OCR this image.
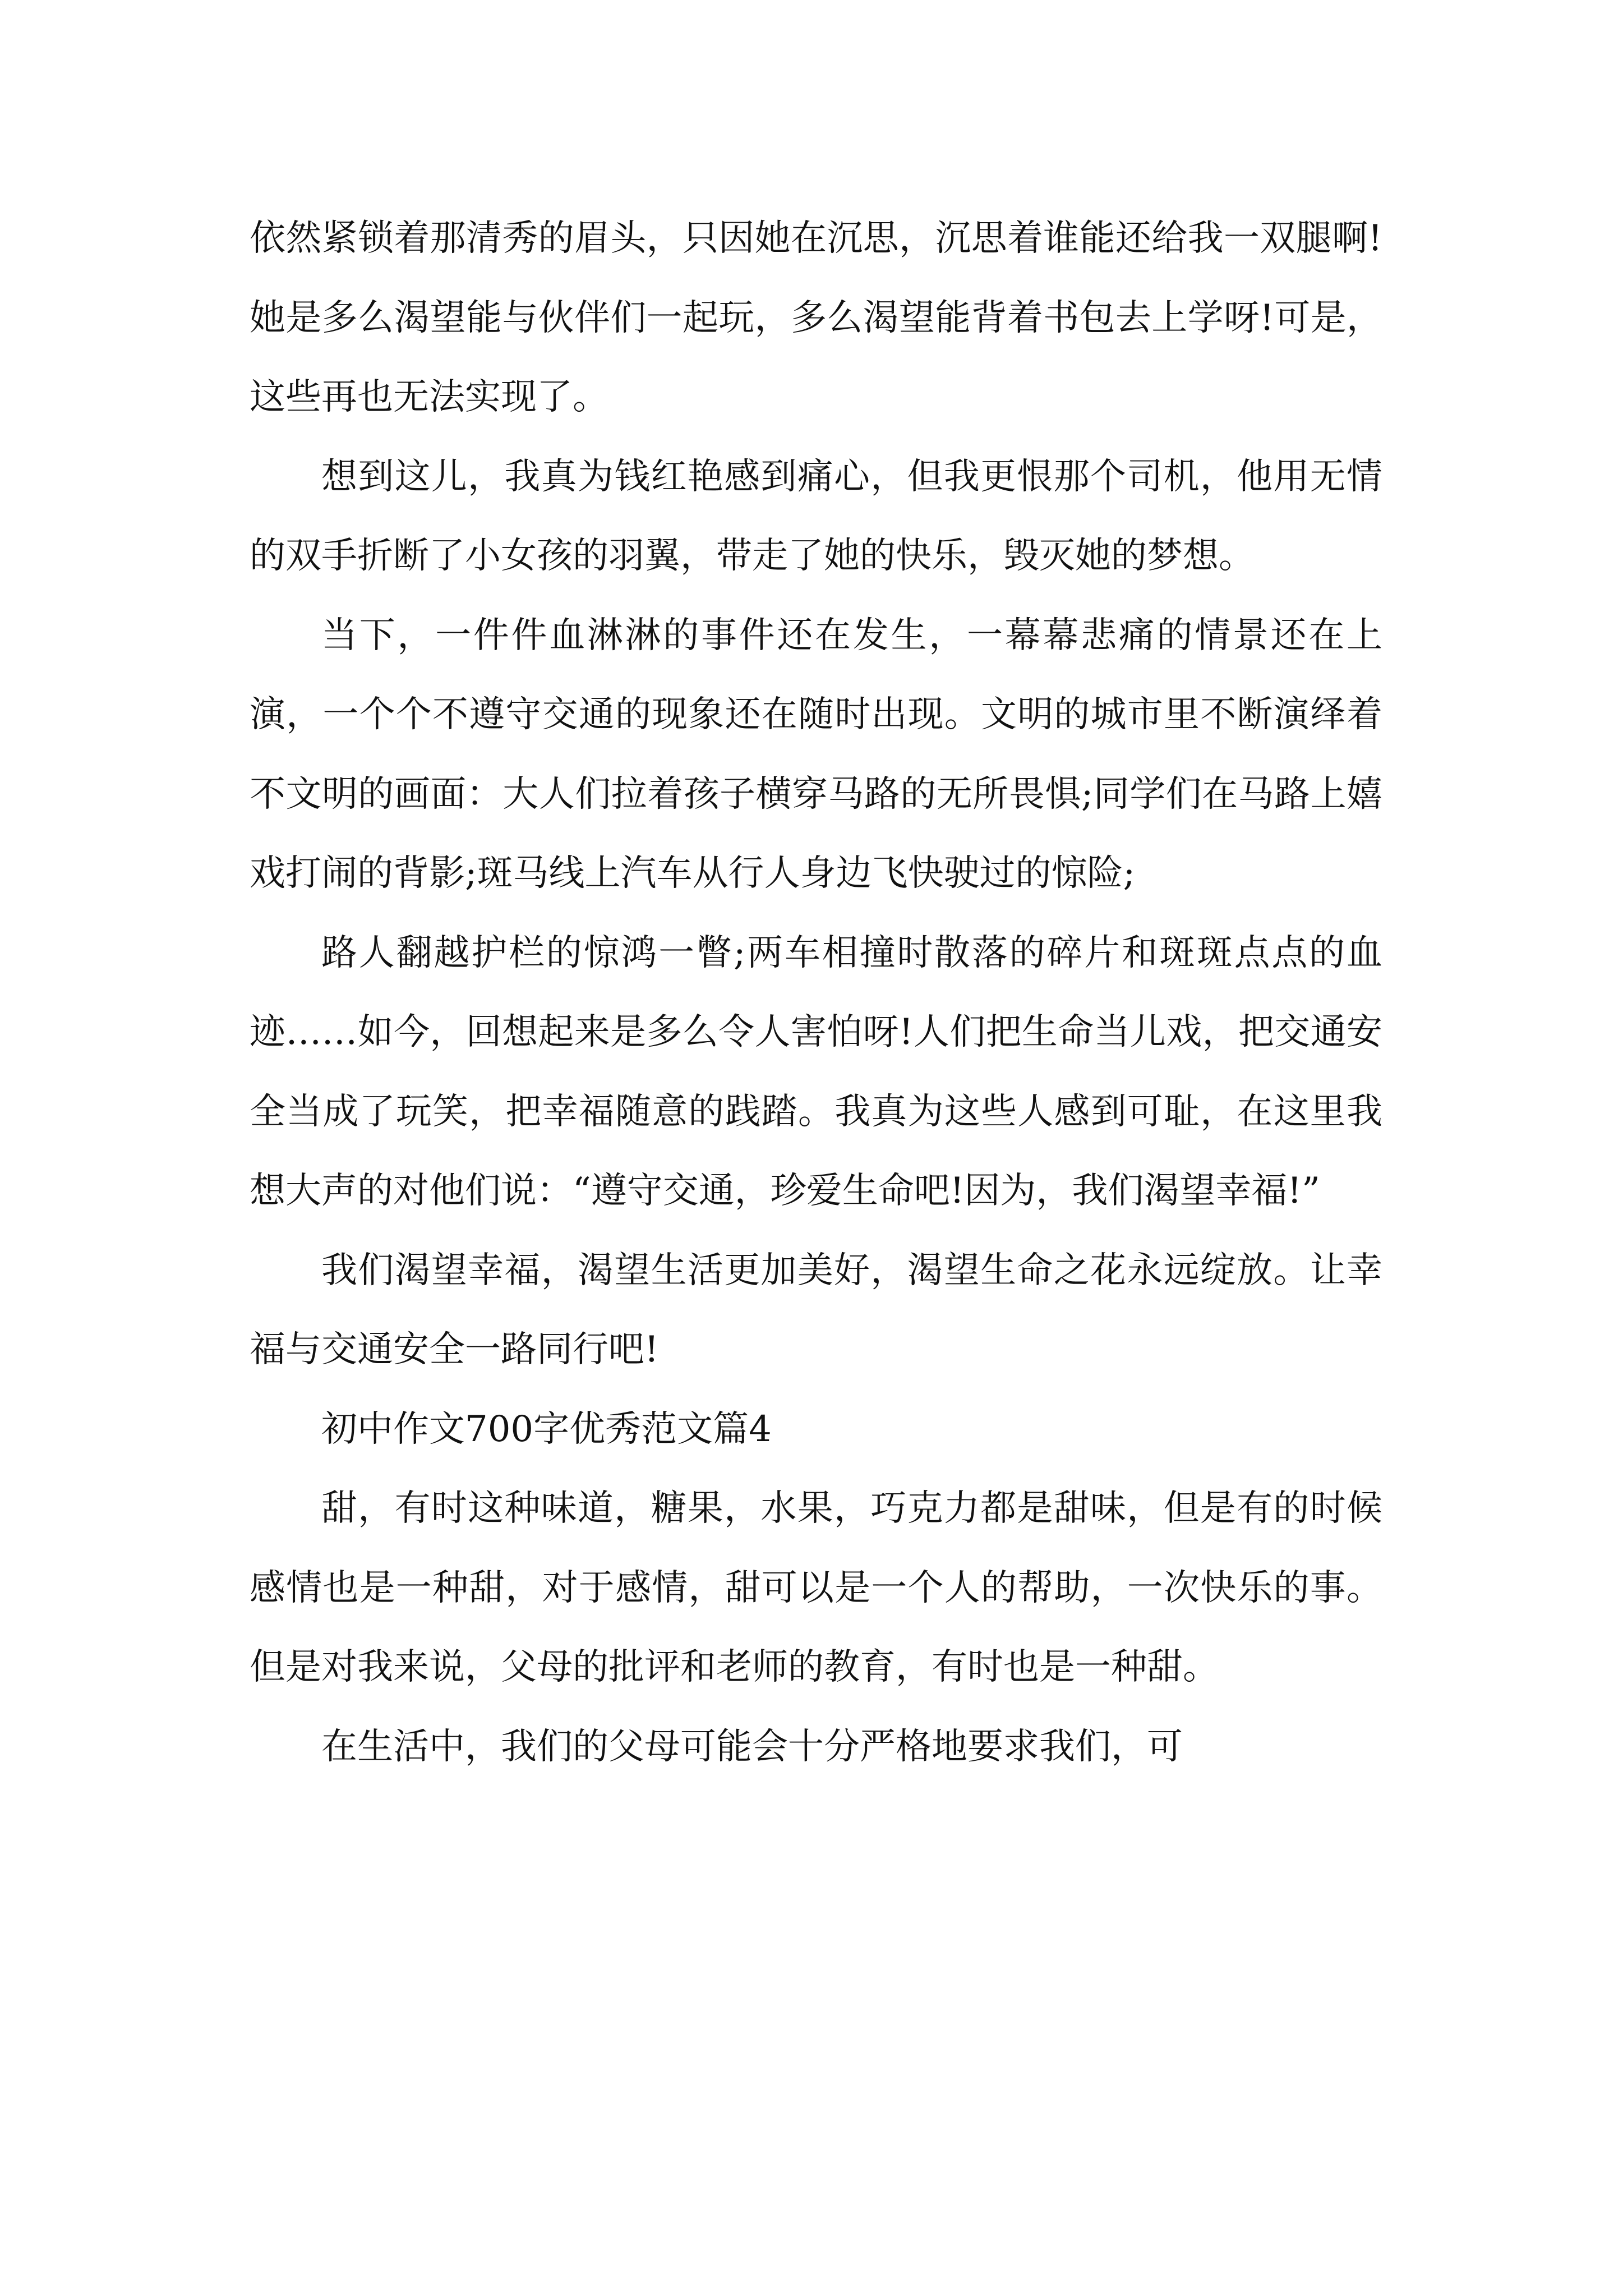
依然紧锁着那清秀的眉头，只因她在沉思，沉思着谁能还给我一双腿啊!她是多么渴望能与伙伴们一起玩，多么渴望能背着书包去上学呀!可是，这些再也无法实现了。

想到这儿，我真为钱红艳感到痛心，但我更恨那个司机，他用无情的双手折断了小女孩的羽翼，带走了她的快乐，毁灭她的梦想。

当下，一件件血淋淋的事件还在发生，一幕幕悲痛的情景还在上演，一个个不遵守交通的现象还在随时出现。文明的城市里不断演绎着不文明的画面：大人们拉着孩子横穿马路的无所畏惧;同学们在马路上嬉戏打闹的背影;斑马线上汽车从行人身边飞快驶过的惊险;

路人翻越护栏的惊鸿一瞥;两车相撞时散落的碎片和斑斑点点的血迹……如今，回想起来是多么令人害怕呀!人们把生命当儿戏，把交通安全当成了玩笑，把幸福随意的践踏。我真为这些人感到可耻，在这里我想大声的对他们说：“遵守交通，珍爱生命吧!因为，我们渴望幸福!”

我们渴望幸福，渴望生活更加美好，渴望生命之花永远绽放。让幸福与交通安全一路同行吧!

初中作文700字优秀范文篇4

甜，有时这种味道，糖果，水果，巧克力都是甜味，但是有的时候感情也是一种甜，对于感情，甜可以是一个人的帮助，一次快乐的事。但是对我来说，父母的批评和老师的教育，有时也是一种甜。

在生活中，我们的父母可能会十分严格地要求我们，可
